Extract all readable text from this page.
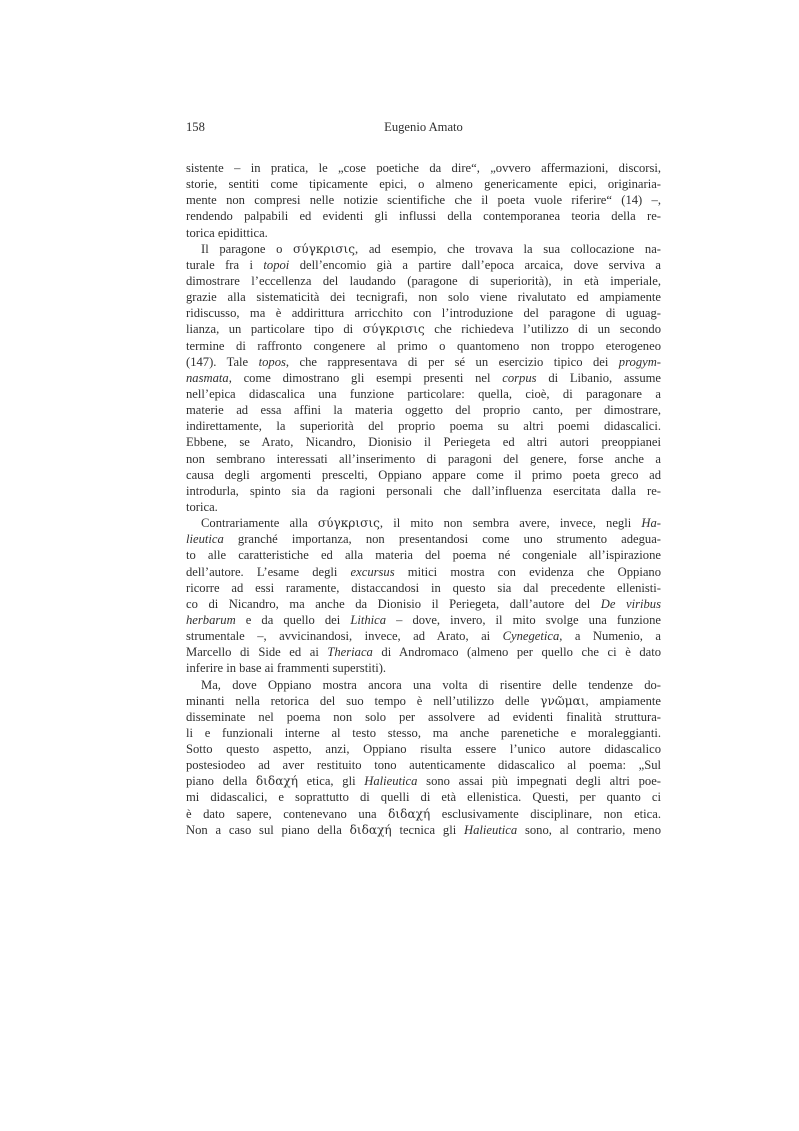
158	Eugenio Amato
sistente – in pratica, le „cose poetiche da dire“, „ovvero affermazioni, discorsi,
storie, sentiti come tipicamente epici, o almeno genericamente epici, originaria-
mente non compresi nelle notizie scientifiche che il poeta vuole riferire“ (14) –,
rendendo palpabili ed evidenti gli influssi della contemporanea teoria della re-
torica epidittica.
Il paragone o σύγκρισις, ad esempio, che trovava la sua collocazione na-
turale fra i topoi dell’encomio già a partire dall’epoca arcaica, dove serviva a
dimostrare l’eccellenza del laudando (paragone di superiorità), in età imperiale,
grazie alla sistematicità dei tecnigrafi, non solo viene rivalutato ed ampiamente
ridiscusso, ma è addirittura arricchito con l’introduzione del paragone di uguag-
lianza, un particolare tipo di σύγκρισις che richiedeva l’utilizzo di un secondo
termine di raffronto congenere al primo o quantomeno non troppo eterogeneo
(147). Tale topos, che rappresentava di per sé un esercizio tipico dei progym-
nasmata, come dimostrano gli esempi presenti nel corpus di Libanio, assume
nell’epica didascalica una funzione particolare: quella, cioè, di paragonare a
materie ad essa affini la materia oggetto del proprio canto, per dimostrare,
indirettamente, la superiorità del proprio poema su altri poemi didascalici.
Ebbene, se Arato, Nicandro, Dionisio il Periegeta ed altri autori preoppianei
non sembrano interessati all’inserimento di paragoni del genere, forse anche a
causa degli argomenti prescelti, Oppiano appare come il primo poeta greco ad
introdurla, spinto sia da ragioni personali che dall’influenza esercitata dalla re-
torica.
Contrariamente alla σύγκρισις, il mito non sembra avere, invece, negli Ha-
lieutica granché importanza, non presentandosi come uno strumento adegua-
to alle caratteristiche ed alla materia del poema né congeniale all’ispirazione
dell’autore. L’esame degli excursus mitici mostra con evidenza che Oppiano
ricorre ad essi raramente, distaccandosi in questo sia dal precedente ellenisti-
co di Nicandro, ma anche da Dionisio il Periegeta, dall’autore del De viribus
herbarum e da quello dei Lithica – dove, invero, il mito svolge una funzione
strumentale –, avvicinandosi, invece, ad Arato, ai Cynegetica, a Numenio, a
Marcello di Side ed ai Theriaca di Andromaco (almeno per quello che ci è dato
inferire in base ai frammenti superstiti).
Ma, dove Oppiano mostra ancora una volta di risentire delle tendenze do-
minanti nella retorica del suo tempo è nell’utilizzo delle γνῶμαι, ampiamente
disseminate nel poema non solo per assolvere ad evidenti finalità struttura-
li e funzionali interne al testo stesso, ma anche parenetiche e moraleggianti.
Sotto questo aspetto, anzi, Oppiano risulta essere l’unico autore didascalico
postesiodeo ad aver restituito tono autenticamente didascalico al poema: „Sul
piano della διδαχή etica, gli Halieutica sono assai più impegnati degli altri poe-
mi didascalici, e soprattutto di quelli di età ellenistica. Questi, per quanto ci
è dato sapere, contenevano una διδαχή esclusivamente disciplinare, non etica.
Non a caso sul piano della διδαχή tecnica gli Halieutica sono, al contrario, meno
